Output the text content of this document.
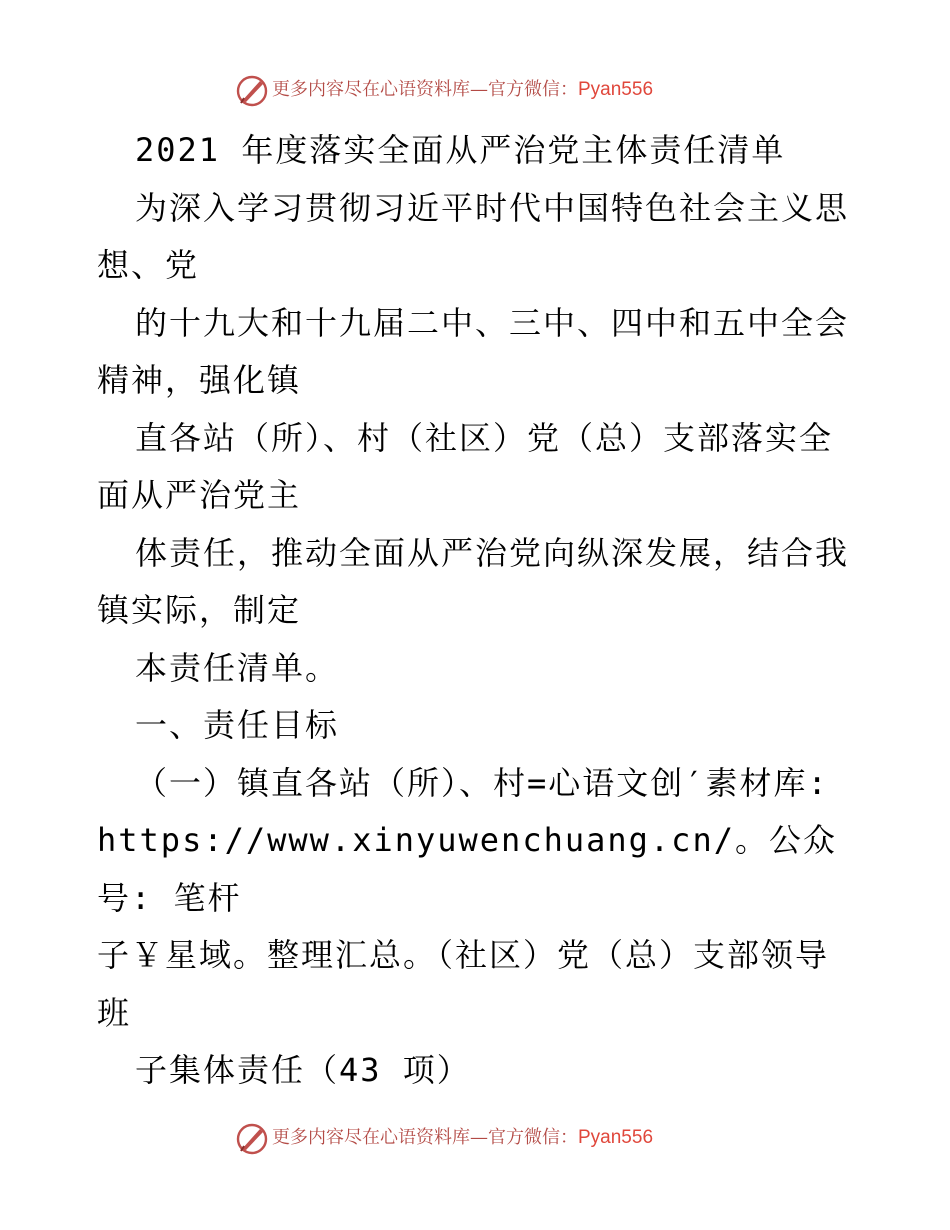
更多内容尽在心语资料库—官方微信：Pyan556

2021 年度落实全面从严治党主体责任清单

为深入学习贯彻习近平时代中国特色社会主义思

想、党

的十九大和十九届二中、三中、四中和五中全会

精神，强化镇

直各站（所）、村（社区）党（总）支部落实全

面从严治党主

体责任，推动全面从严治党向纵深发展，结合我

镇实际，制定

本责任清单。

一、责任目标

（一）镇直各站（所）、村=心语文创′素材库:

https://www.xinyuwenchuang.cn/。公众号: 笔杆

子￥星域。整理汇总。（社区）党（总）支部领导

班

子集体责任（43 项）

更多内容尽在心语资料库—官方微信：Pyan556
